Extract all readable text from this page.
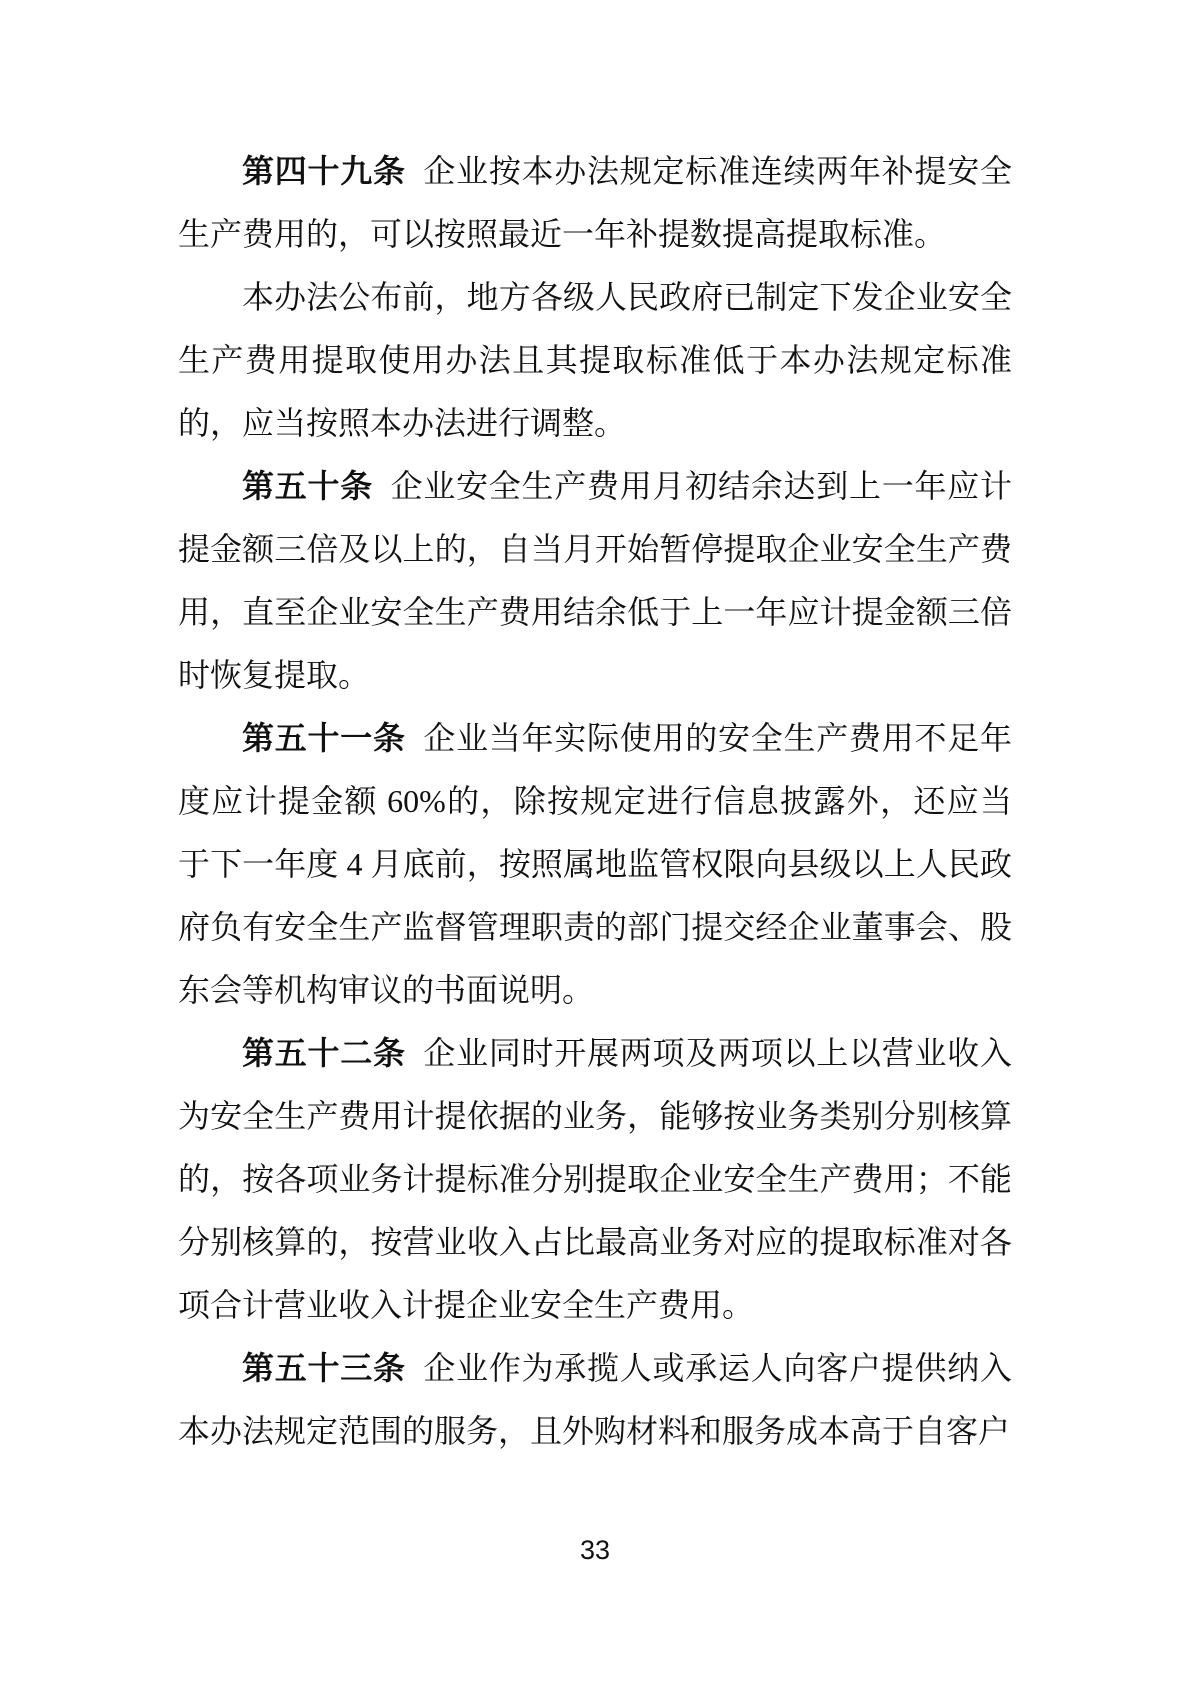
第四十九条 企业按本办法规定标准连续两年补提安全生产费用的，可以按照最近一年补提数提高提取标准。

本办法公布前，地方各级人民政府已制定下发企业安全生产费用提取使用办法且其提取标准低于本办法规定标准的，应当按照本办法进行调整。

第五十条 企业安全生产费用月初结余达到上一年应计提金额三倍及以上的，自当月开始暂停提取企业安全生产费用，直至企业安全生产费用结余低于上一年应计提金额三倍时恢复提取。

第五十一条 企业当年实际使用的安全生产费用不足年度应计提金额 60%的，除按规定进行信息披露外，还应当于下一年度 4 月底前，按照属地监管权限向县级以上人民政府负有安全生产监督管理职责的部门提交经企业董事会、股东会等机构审议的书面说明。

第五十二条 企业同时开展两项及两项以上以营业收入为安全生产费用计提依据的业务，能够按业务类别分别核算的，按各项业务计提标准分别提取企业安全生产费用；不能分别核算的，按营业收入占比最高业务对应的提取标准对各项合计营业收入计提企业安全生产费用。

第五十三条 企业作为承揽人或承运人向客户提供纳入本办法规定范围的服务，且外购材料和服务成本高于自客户

33
